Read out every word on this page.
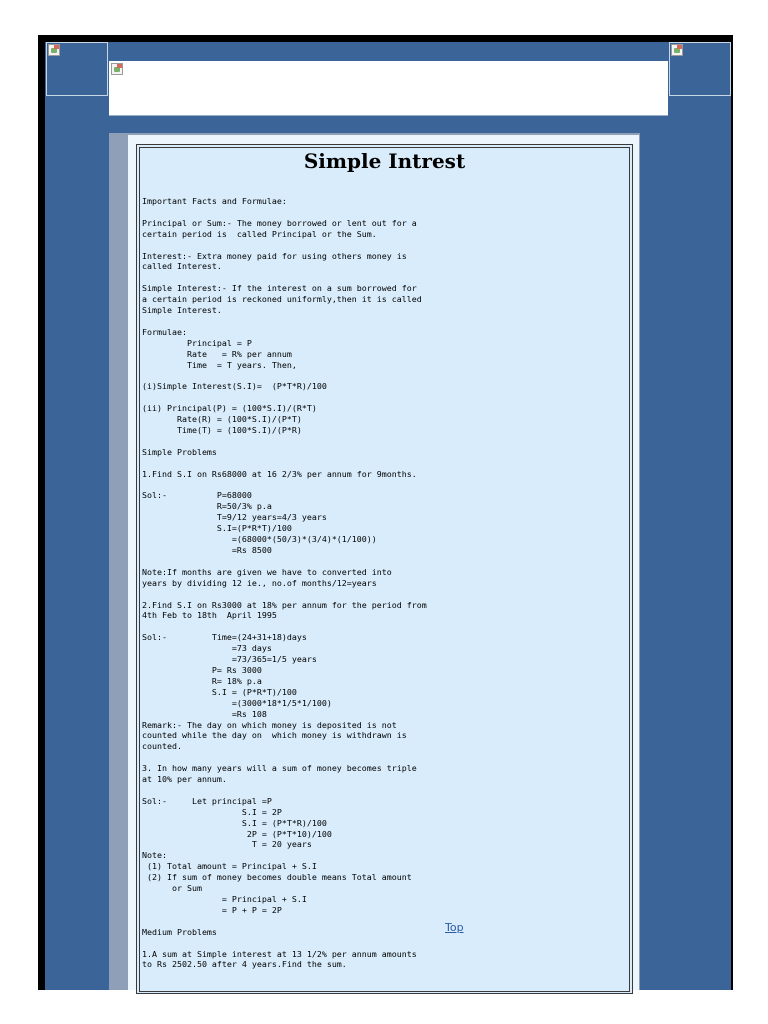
Simple Intrest
Important Facts and Formulae:

Principal or Sum:- The money borrowed or lent out for a
certain period is  called Principal or the Sum.

Interest:- Extra money paid for using others money is
called Interest.

Simple Interest:- If the interest on a sum borrowed for
a certain period is reckoned uniformly,then it is called
Simple Interest.

Formulae:
Principal = P
Rate   = R% per annum
Time  = T years. Then,

(i)Simple Interest(S.I)=  (P*T*R)/100

(ii) Principal(P) = (100*S.I)/(R*T)
Rate(R) = (100*S.I)/(P*T)
Time(T) = (100*S.I)/(P*R)

Simple Problems

1.Find S.I on Rs68000 at 16 2/3% per annum for 9months.

Sol:-          P=68000
R=50/3% p.a
T=9/12 years=4/3 years
S.I=(P*R*T)/100
=(68000*(50/3)*(3/4)*(1/100))
=Rs 8500

Note:If months are given we have to converted into
years by dividing 12 ie., no.of months/12=years

2.Find S.I on Rs3000 at 18% per annum for the period from
4th Feb to 18th  April 1995

Sol:-         Time=(24+31+18)days
=73 days
=73/365=1/5 years
P= Rs 3000
R= 18% p.a
S.I = (P*R*T)/100
=(3000*18*1/5*1/100)
=Rs 108
Remark:- The day on which money is deposited is not
counted while the day on  which money is withdrawn is
counted.

3. In how many years will a sum of money becomes triple
at 10% per annum.

Sol:-     Let principal =P
S.I = 2P
S.I = (P*T*R)/100
2P = (P*T*10)/100
T = 20 years
Note:
(1) Total amount = Principal + S.I
(2) If sum of money becomes double means Total amount
or Sum
= Principal + S.I
= P + P = 2P

Medium Problems

1.A sum at Simple interest at 13 1/2% per annum amounts
to Rs 2502.50 after 4 years.Find the sum.

Top
